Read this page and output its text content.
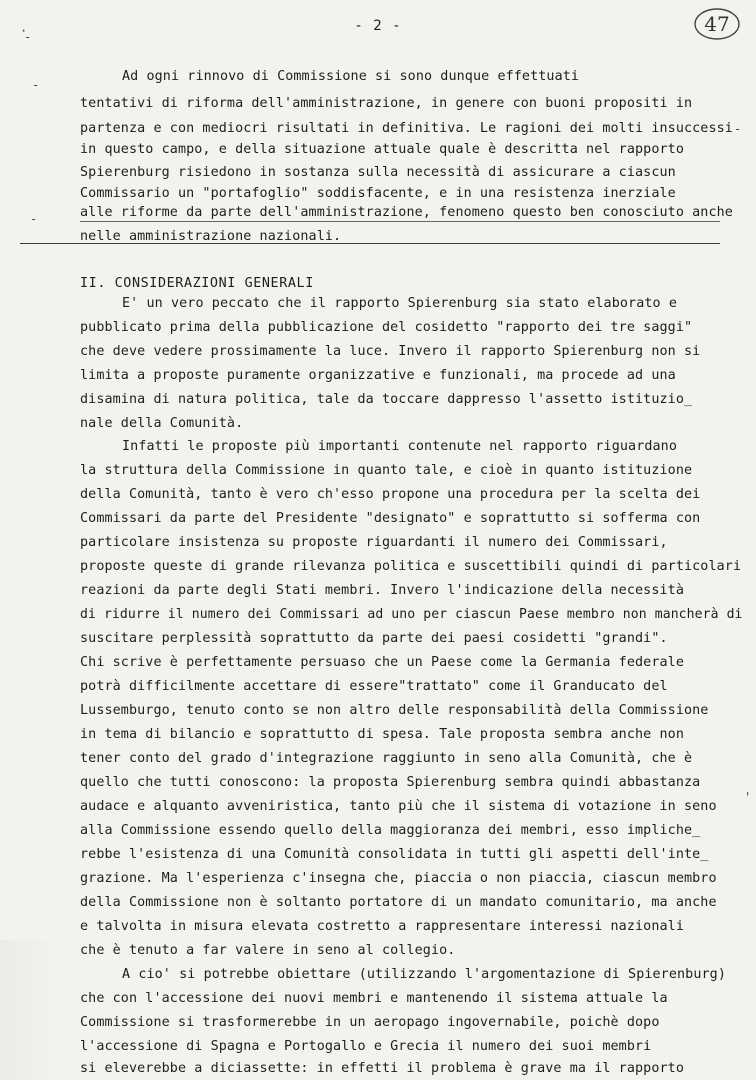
- 2 -	47
·
-
-
-
-
'
Ad ogni rinnovo di Commissione si sono dunque effettuati
tentativi di riforma dell'amministrazione, in genere con buoni propositi in
partenza e con mediocri risultati in definitiva. Le ragioni dei molti insuccessi
in questo campo, e della situazione attuale quale è descritta nel rapporto
Spierenburg risiedono in sostanza sulla necessità di assicurare a ciascun
Commissario un "portafoglio" soddisfacente, e in una resistenza inerziale
alle riforme da parte dell'amministrazione, fenomeno questo ben conosciuto anche
nelle amministrazione nazionali.
II. CONSIDERAZIONI GENERALI
E' un vero peccato che il rapporto Spierenburg sia stato elaborato e
pubblicato prima della pubblicazione del cosidetto "rapporto dei tre saggi"
che deve vedere prossimamente la luce. Invero il rapporto Spierenburg non si
limita a proposte puramente organizzative e funzionali, ma procede ad una
disamina di natura politica, tale da toccare dappresso l'assetto istituzio_
nale della Comunità.
Infatti le proposte più importanti contenute nel rapporto riguardano
la struttura della Commissione in quanto tale, e cioè in quanto istituzione
della Comunità, tanto è vero ch'esso propone una procedura per la scelta dei
Commissari da parte del Presidente "designato" e soprattutto si sofferma con
particolare insistenza su proposte riguardanti il numero dei Commissari,
proposte queste di grande rilevanza politica e suscettibili quindi di particolari
reazioni da parte degli Stati membri. Invero l'indicazione della necessità
di ridurre il numero dei Commissari ad uno per ciascun Paese membro non mancherà di
suscitare perplessità soprattutto da parte dei paesi cosidetti "grandi".
Chi scrive è perfettamente persuaso che un Paese come la Germania federale
potrà difficilmente accettare di essere"trattato" come il Granducato del
Lussemburgo, tenuto conto se non altro delle responsabilità della Commissione
in tema di bilancio e soprattutto di spesa. Tale proposta sembra anche non
tener conto del grado d'integrazione raggiunto in seno alla Comunità, che è
quello che tutti conoscono: la proposta Spierenburg sembra quindi abbastanza
audace e alquanto avveniristica, tanto più che il sistema di votazione in seno
alla Commissione essendo quello della maggioranza dei membri, esso impliche_
rebbe l'esistenza di una Comunità consolidata in tutti gli aspetti dell'inte_
grazione. Ma l'esperienza c'insegna che, piaccia o non piaccia, ciascun membro
della Commissione non è soltanto portatore di un mandato comunitario, ma anche
e talvolta in misura elevata costretto a rappresentare interessi nazionali
che è tenuto a far valere in seno al collegio.
A cio' si potrebbe obiettare (utilizzando l'argomentazione di Spierenburg)
che con l'accessione dei nuovi membri e mantenendo il sistema attuale la
Commissione si trasformerebbe in un aeropago ingovernabile, poichè dopo
l'accessione di Spagna e Portogallo e Grecia il numero dei suoi membri
si eleverebbe a diciassette: in effetti il problema è grave ma il rapporto
